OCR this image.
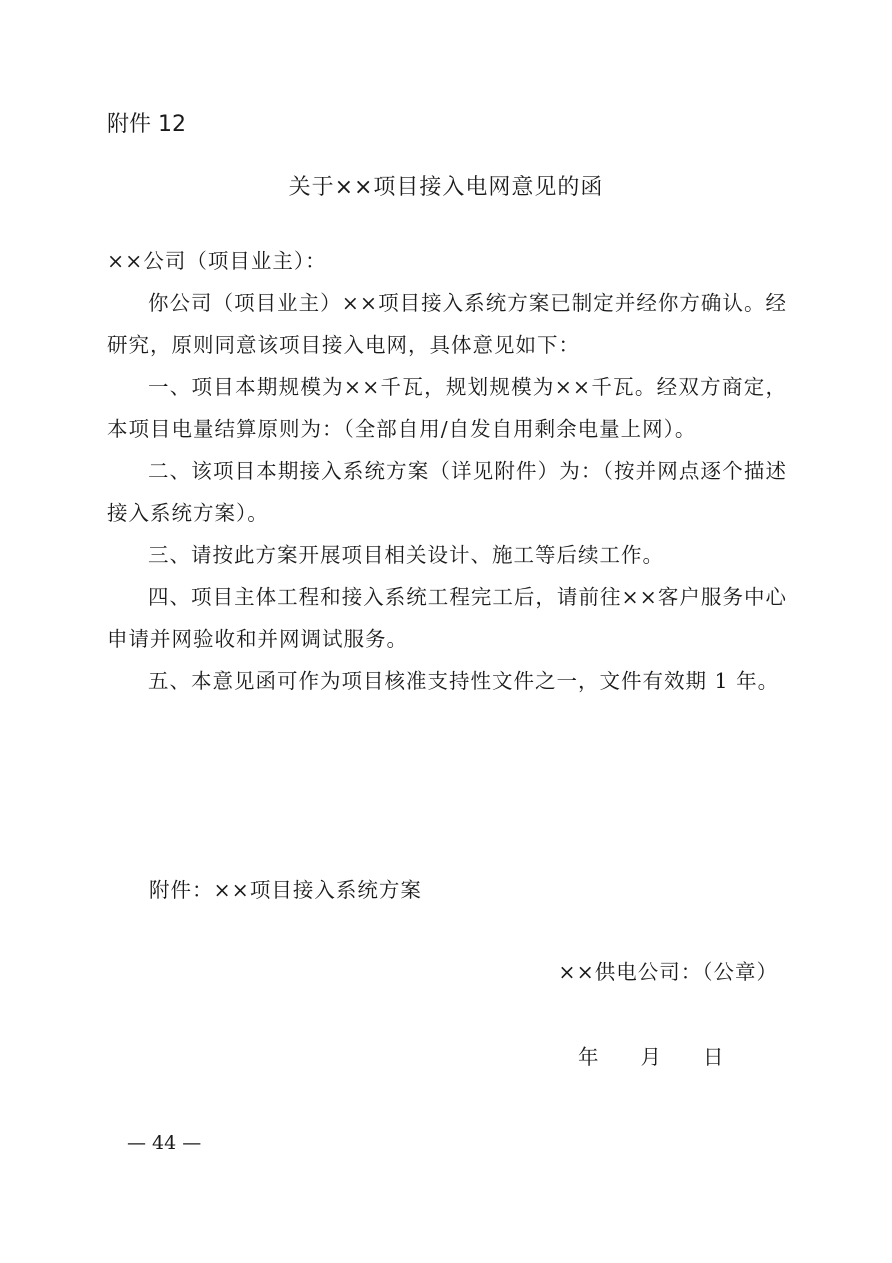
附件 12
关于××项目接入电网意见的函

××公司（项目业主）：

你公司（项目业主）××项目接入系统方案已制定并经你方确认。经研究，原则同意该项目接入电网，具体意见如下：

一、项目本期规模为××千瓦，规划规模为××千瓦。经双方商定，本项目电量结算原则为：（全部自用/自发自用剩余电量上网）。

二、该项目本期接入系统方案（详见附件）为：（按并网点逐个描述接入系统方案）。

三、请按此方案开展项目相关设计、施工等后续工作。

四、项目主体工程和接入系统工程完工后，请前往××客户服务中心申请并网验收和并网调试服务。

五、本意见函可作为项目核准支持性文件之一，文件有效期 1 年。

附件：××项目接入系统方案
××供电公司：（公章）
年 月 日
— 44 —
